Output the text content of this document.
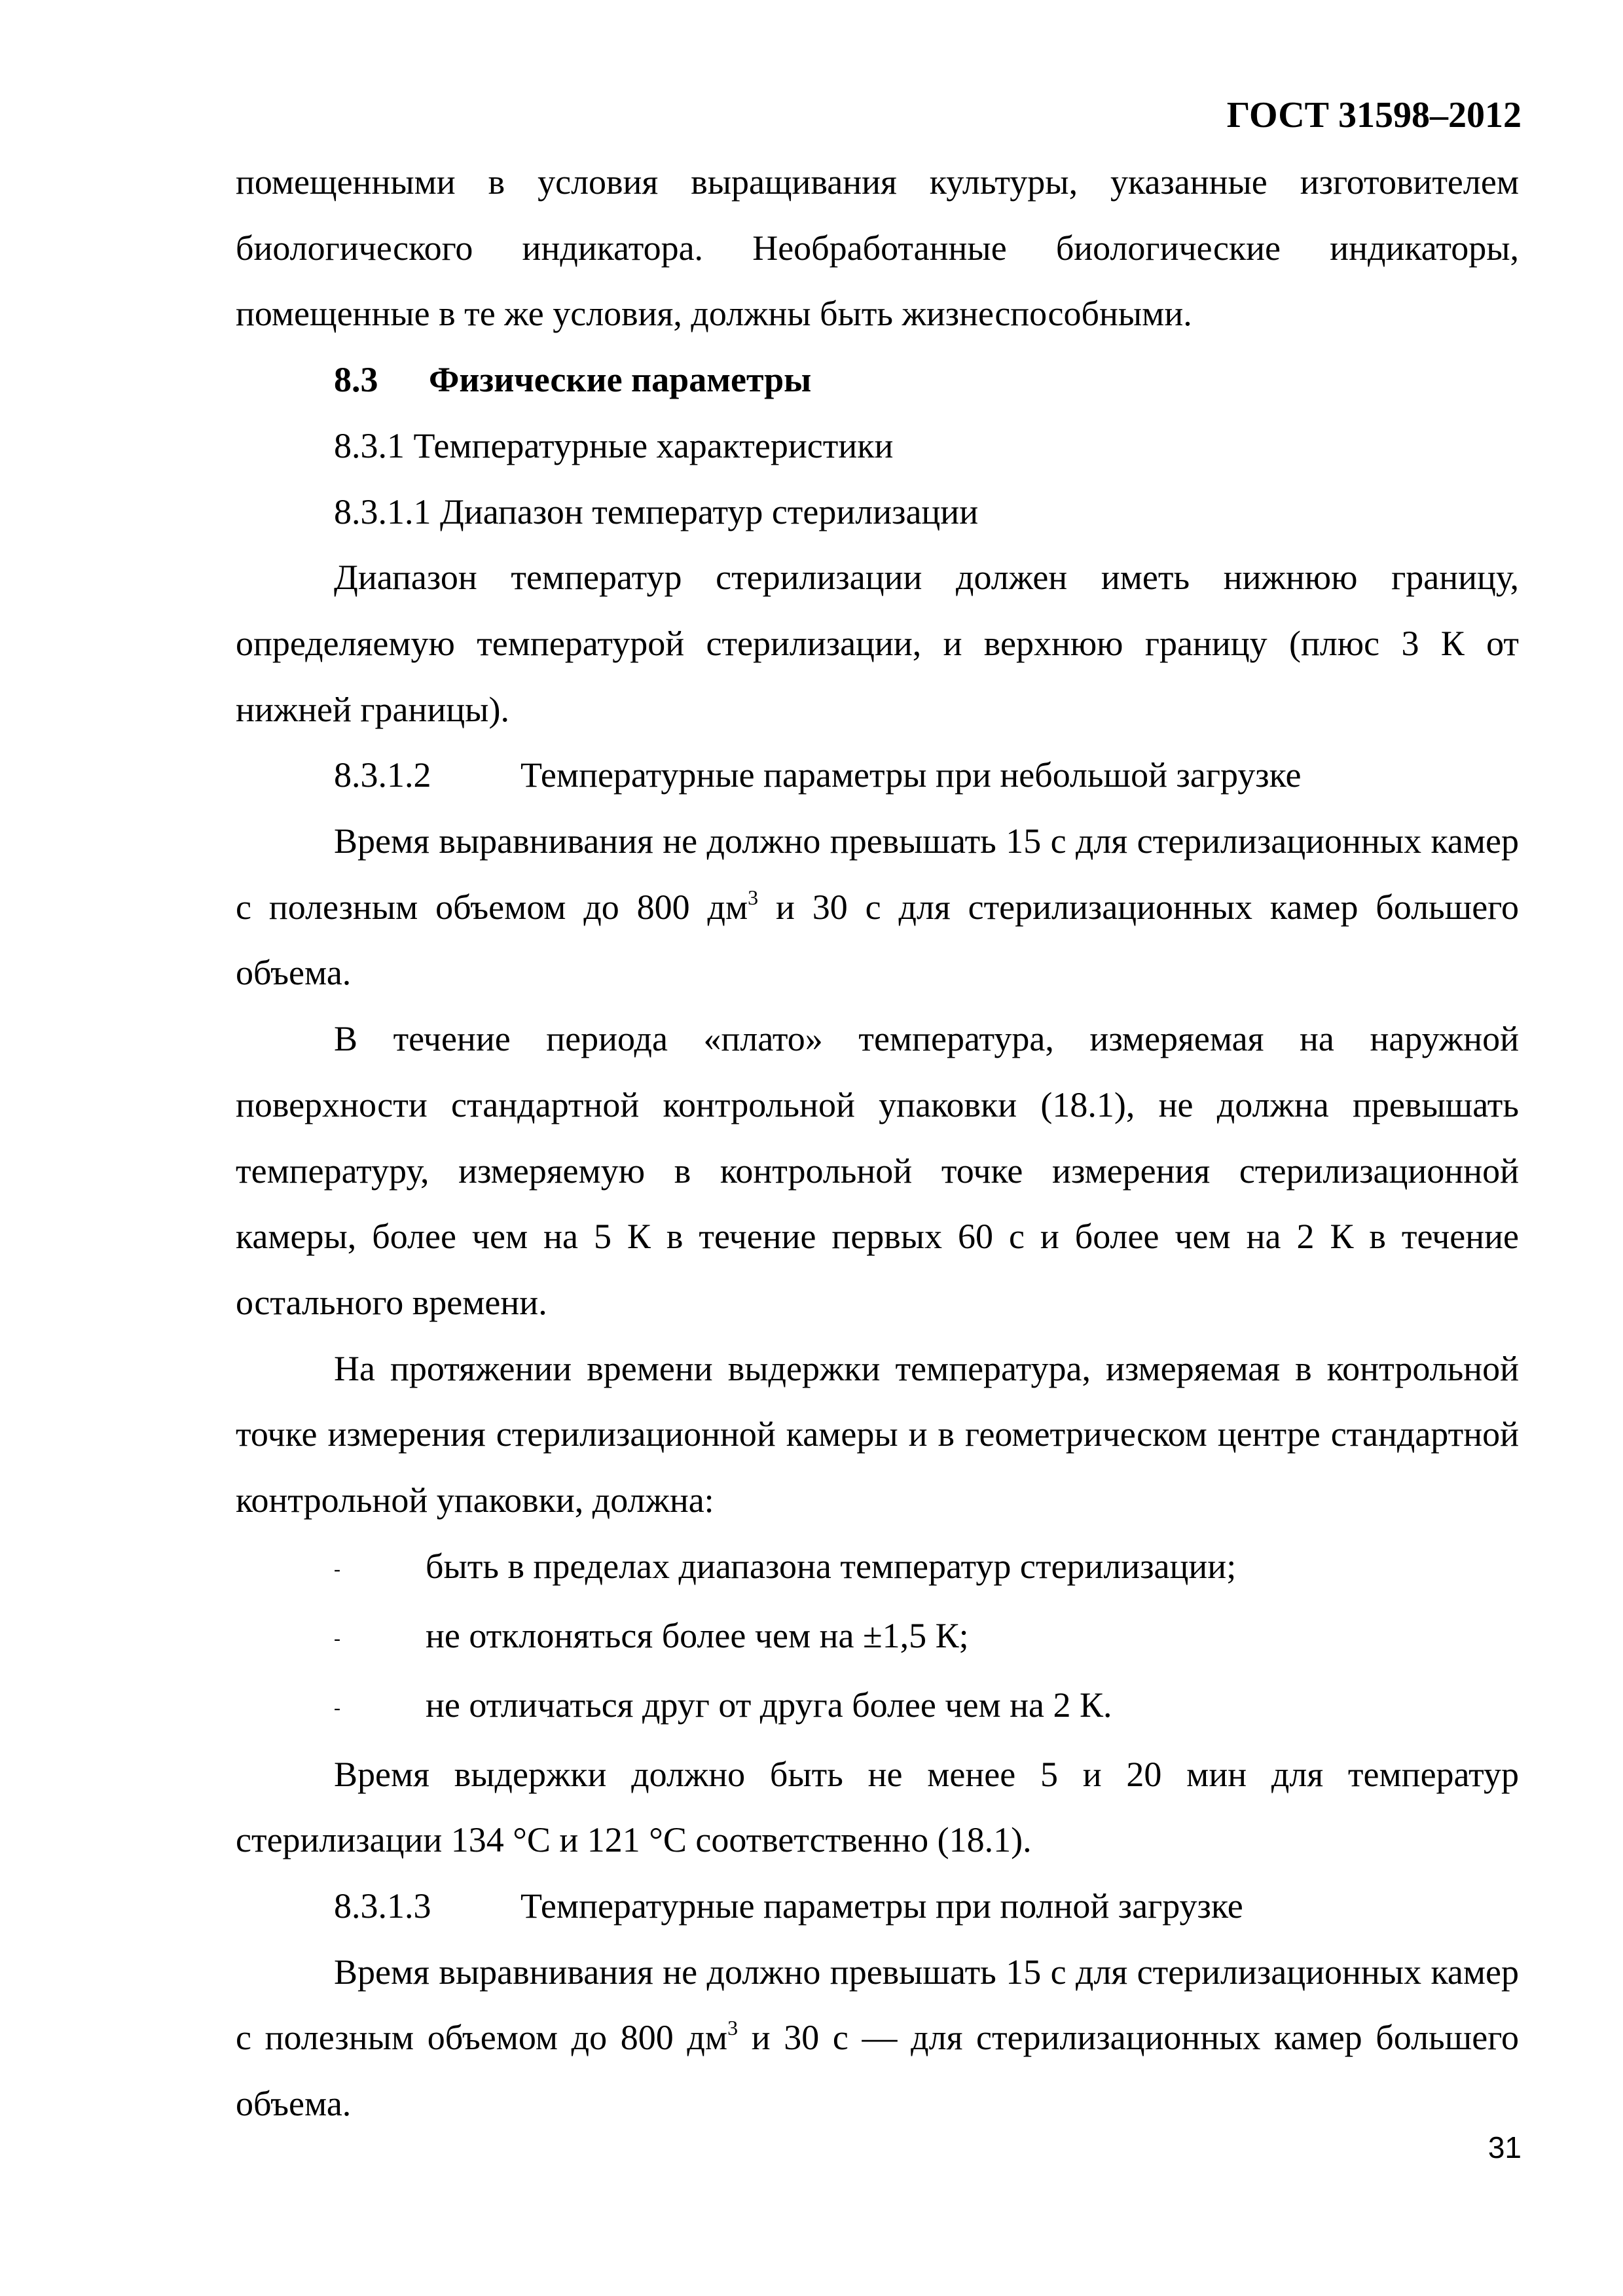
ГОСТ 31598–2012

помещенными в условия выращивания культуры, указанные изготовителем биологического индикатора. Необработанные биологические индикаторы, помещенные в те же условия, должны быть жизнеспособными.

8.3 Физические параметры
8.3.1 Температурные характеристики
8.3.1.1 Диапазон температур стерилизации

Диапазон температур стерилизации должен иметь нижнюю границу, определяемую температурой стерилизации, и верхнюю границу (плюс 3 К от нижней границы).

8.3.1.2	Температурные параметры при небольшой загрузке

Время выравнивания не должно превышать 15 с для стерилизационных камер с полезным объемом до 800 $дм^3$ и 30 с для стерилизационных камер большего объема.

В течение периода «плато» температура, измеряемая на наружной поверхности стандартной контрольной упаковки (18.1), не должна превышать температуру, измеряемую в контрольной точке измерения стерилизационной камеры, более чем на 5 К в течение первых 60 с и более чем на 2 К в течение остального времени.

На протяжении времени выдержки температура, измеряемая в контрольной точке измерения стерилизационной камеры и в геометрическом центре стандартной контрольной упаковки, должна:

- быть в пределах диапазона температур стерилизации;
- не отклоняться более чем на ±1,5 К;
- не отличаться друг от друга более чем на 2 К.

Время выдержки должно быть не менее 5 и 20 мин для температур стерилизации 134 °С и 121 °С соответственно (18.1).

8.3.1.3	Температурные параметры при полной загрузке

Время выравнивания не должно превышать 15 с для стерилизационных камер с полезным объемом до 800 $дм^3$ и 30 с — для стерилизационных камер большего объема.

31
